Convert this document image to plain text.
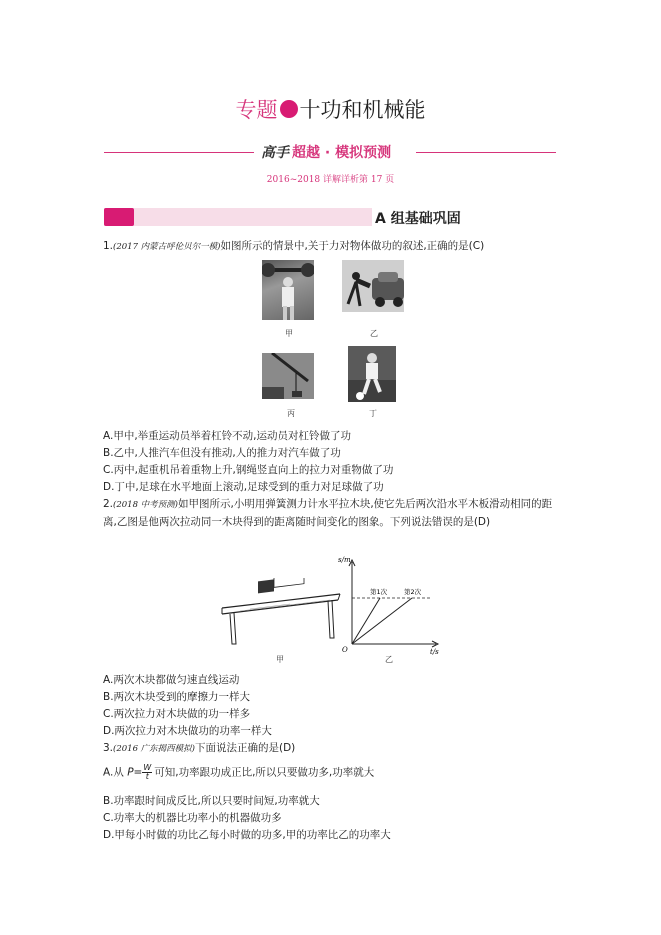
专题 十功和机械能
高手 超越 · 模拟预测
2016~2018 详解详析第 17 页
A 组基础巩固
1.(2017 内蒙古呼伦贝尔一模)如图所示的情景中,关于力对物体做功的叙述,正确的是(C)
甲	乙
丙	丁
A.甲中,举重运动员举着杠铃不动,运动员对杠铃做了功
B.乙中,人推汽车但没有推动,人的推力对汽车做了功
C.丙中,起重机吊着重物上升,钢绳竖直向上的拉力对重物做了功
D.丁中,足球在水平地面上滚动,足球受到的重力对足球做了功
2.(2018 中考预测)如甲图所示,小明用弹簧测力计水平拉木块,使它先后两次沿水平木板滑动相同的距离,乙图是他两次拉动同一木块得到的距离随时间变化的图象。下列说法错误的是(D)
甲
s/m
t/s
O
第1次	第2次
乙
A.两次木块都做匀速直线运动
B.两次木块受到的摩擦力一样大
C.两次拉力对木块做的功一样多
D.两次拉力对木块做功的功率一样大
3.(2016 广东揭西模拟)下面说法正确的是(D)
A.从 $P= \frac{W}{t}$ 可知,功率跟功成正比,所以只要做功多,功率就大
B.功率跟时间成反比,所以只要时间短,功率就大
C.功率大的机器比功率小的机器做功多
D.甲每小时做的功比乙每小时做的功多,甲的功率比乙的功率大
